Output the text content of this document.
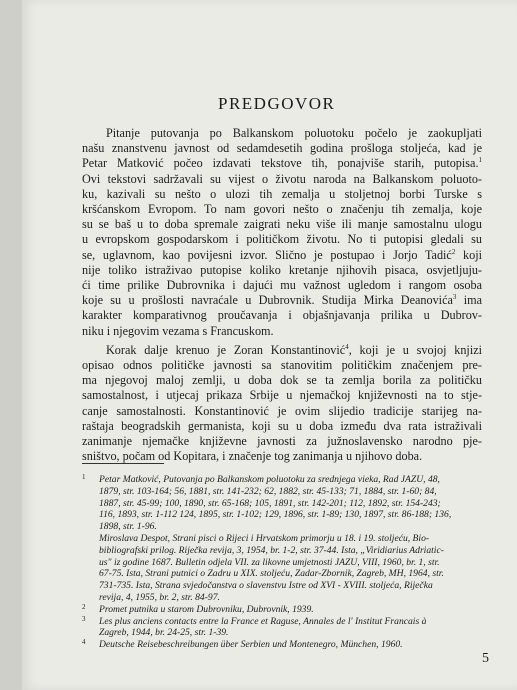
PREDGOVOR

Pitanje putovanja po Balkanskom poluotoku počelo je zaokupljati
našu znanstvenu javnost od sedamdesetih godina prošloga stoljeća, kad je
Petar Matković počeo izdavati tekstove tih, ponajviše starih, putopisa.$^1$
Ovi tekstovi sadržavali su vijest o životu naroda na Balkanskom poluoto-
ku, kazivali su nešto o ulozi tih zemalja u stoljetnoj borbi Turske s
kršćanskom Evropom. To nam govori nešto o značenju tih zemalja, koje
su se baš u to doba spremale zaigrati neku više ili manje samostalnu ulogu
u evropskom gospodarskom i političkom životu. No ti putopisi gledali su
se, uglavnom, kao povijesni izvor. Slično je postupao i Jorjo Tadić$^2$ koji
nije toliko istraživao putopise koliko kretanje njihovih pisaca, osvjetljuju-
ći time prilike Dubrovnika i dajući mu važnost ugledom i rangom osoba
koje su u prošlosti navraćale u Dubrovnik. Studija Mirka Deanovića$^3$ ima
karakter komparativnog proučavanja i objašnjavanja prilika u Dubrov-
niku i njegovim vezama s Francuskom.

Korak dalje krenuo je Zoran Konstantinović$^4$, koji je u svojoj knjizi
opisao odnos političke javnosti sa stanovitim političkim značenjem pre-
ma njegovoj maloj zemlji, u doba dok se ta zemlja borila za političku
samostalnost, i utjecaj prikaza Srbije u njemačkoj književnosti na to stje-
canje samostalnosti. Konstantinović je ovim slijedio tradicije starijeg na-
raštaja beogradskih germanista, koji su u doba između dva rata istraživali
zanimanje njemačke književne javnosti za južnoslavensko narodno pje-
sništvo, počam od Kopitara, i značenje tog zanimanja u njihovo doba.

1 Petar Matković, Putovanja po Balkanskom poluotoku za srednjega vieka, Rad JAZU, 48,
1879, str. 103-164; 56, 1881, str. 141-232; 62, 1882, str. 45-133; 71, 1884, str. 1-60; 84,
1887, str. 45-99; 100, 1890, str. 65-168; 105, 1891, str. 142-201; 112, 1892, str. 154-243;
116, 1893, str. 1-112 124, 1895, str. 1-102; 129, 1896, str. 1-89; 130, 1897, str. 86-188; 136,
1898, str. 1-96.
Miroslava Despot, Strani pisci o Rijeci i Hrvatskom primorju u 18. i 19. stoljeću, Bio-
bibliografski prilog. Riječka revija, 3, 1954, br. 1-2, str. 37-44. Ista, „Viridiarius Adriatic-
us" iz godine 1687. Bulletin odjela VII. za likovne umjetnosti JAZU, VIII, 1960, br. 1, str.
67-75. Ista, Strani putnici o Zadru u XIX. stoljeću, Zadar-Zbornik, Zagreb, MH, 1964, str.
731-735. Ista, Strana svjedočanstva o slavenstvu Istre od XVI - XVIII. stoljeća, Riječka
revija, 4, 1955, br. 2, str. 84-97.
2 Promet putnika u starom Dubrovniku, Dubrovnik, 1939.
3 Les plus anciens contacts entre la France et Raguse, Annales de l' Institut Francais à
Zagreb, 1944, br. 24-25, str. 1-39.
4 Deutsche Reisebeschreibungen über Serbien und Montenegro, München, 1960.
5
